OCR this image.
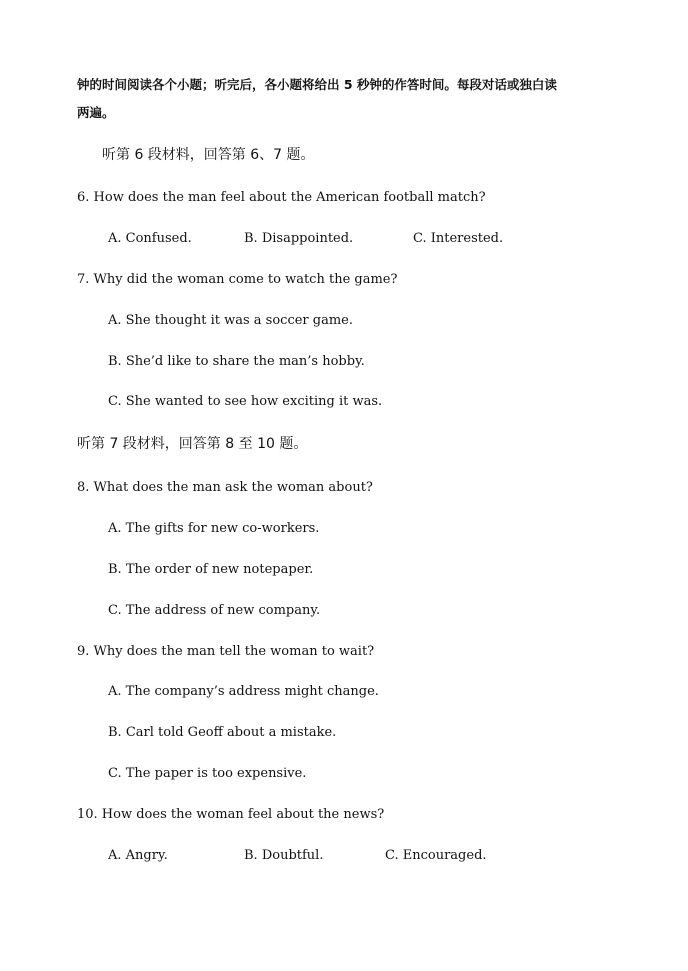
钟的时间阅读各个小题；听完后，各小题将给出 5 秒钟的作答时间。每段对话或独白读
两遍。
听第 6 段材料，回答第 6、7 题。
6. How does the man feel about the American football match?
A. Confused.	B. Disappointed.	C. Interested.
7. Why did the woman come to watch the game?
A. She thought it was a soccer game.
B. She’d like to share the man’s hobby.
C. She wanted to see how exciting it was.
听第 7 段材料，回答第 8 至 10 题。
8. What does the man ask the woman about?
A. The gifts for new co-workers.
B. The order of new notepaper.
C. The address of new company.
9. Why does the man tell the woman to wait?
A. The company’s address might change.
B. Carl told Geoff about a mistake.
C. The paper is too expensive.
10. How does the woman feel about the news?
A. Angry.	B. Doubtful.	C. Encouraged.
